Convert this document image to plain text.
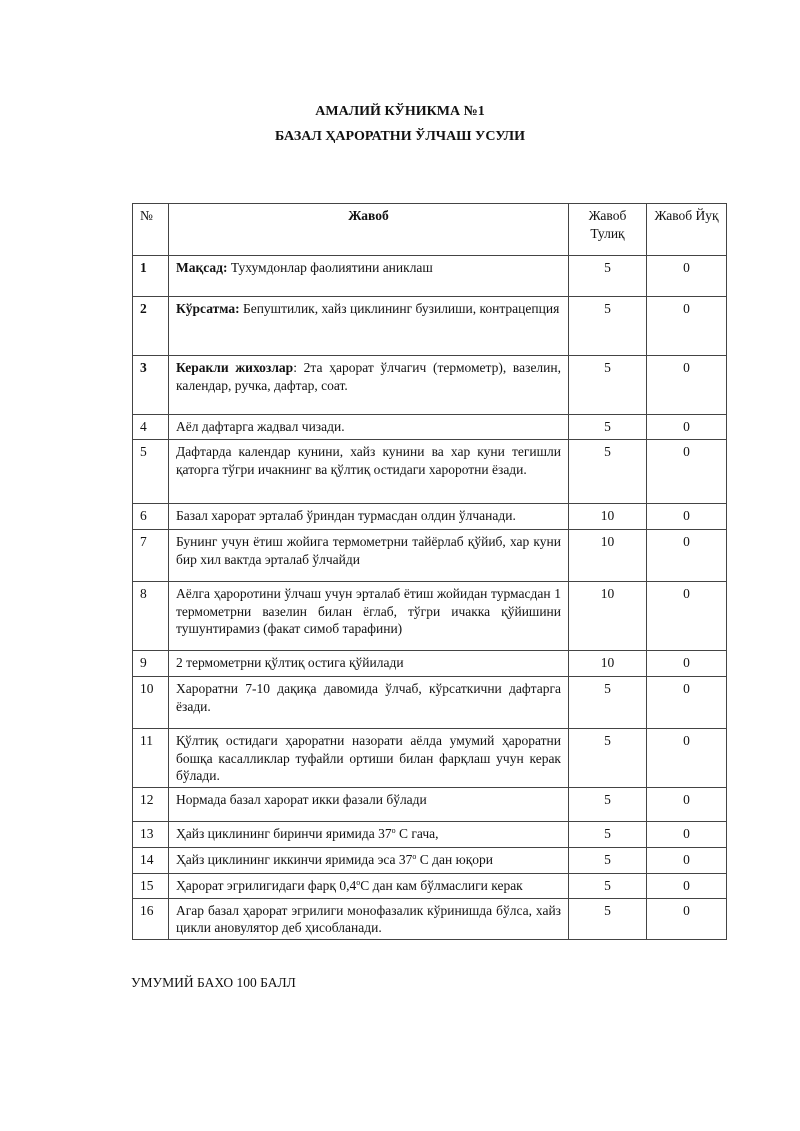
АМАЛИЙ КЎНИКМА №1
БАЗАЛ ҲАРОРАТНИ ЎЛЧАШ УСУЛИ
№	Жавоб	Жавоб Тулиқ	Жавоб Йуқ
1	Мақсад: Тухумдонлар фаолиятини аниклаш	5	0
2	Кўрсатма: Бепуштилик, хайз циклининг бузилиши, контрацепция	5	0
3	Керакли жихозлар: 2та ҳарорат ўлчагич (термометр), вазелин, календар, ручка, дафтар, соат.	5	0
4	Аёл дафтарга жадвал чизади.	5	0
5	Дафтарда календар кунини, хайз кунини ва хар куни тегишли қаторга тўгри ичакнинг ва қўлтиқ остидаги хароротни ёзади.	5	0
6	Базал харорат эрталаб ўриндан турмасдан олдин ўлчанади.	10	0
7	Бунинг учун ётиш жойига термометрни тайёрлаб қўйиб, хар куни бир хил вактда эрталаб ўлчайди	10	0
8	Аёлга ҳароротини ўлчаш учун эрталаб ётиш жойидан турмасдан 1 термометрни вазелин билан ёглаб, тўгри ичакка қўйишини тушунтирамиз (факат симоб тарафини)	10	0
9	2 термометрни қўлтиқ остига қўйилади	10	0
10	Хароратни 7-10 дақиқа давомида ўлчаб, кўрсаткични дафтарга ёзади.	5	0
11	Қўлтиқ остидаги ҳароратни назорати аёлда умумий ҳароратни бошқа касалликлар туфайли ортиши билан фарқлаш учун керак бўлади.	5	0
12	Нормада базал харорат икки фазали бўлади	5	0
13	Ҳайз циклининг биринчи яримида $37^о$ С гача,	5	0
14	Ҳайз циклининг иккинчи яримида эса $37^о$ С дан юқори	5	0
15	Ҳарорат эгрилигидаги фарқ $0,4^оС$ дан кам бўлмаслиги керак	5	0
16	Агар базал ҳарорат эгрилиги монофазалик кўринишда бўлса, хайз цикли ановулятор деб ҳисобланади.	5	0
УМУМИЙ БАХО 100 БАЛЛ
